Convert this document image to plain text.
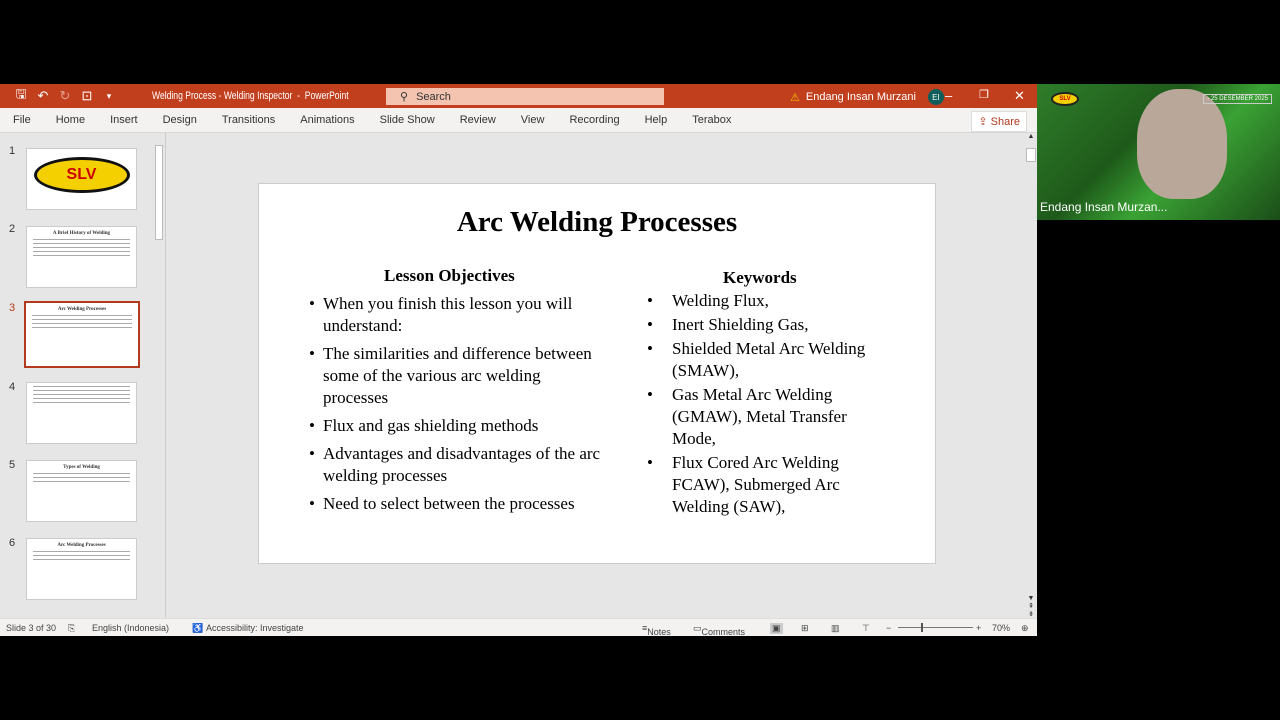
🖫 ↶ ↻ ⊡	▾	Welding Process - Welding Inspector  -  PowerPoint	⚲ Search	⚠ Endang Insan Murzani	EI – ❐ ✕
File	Home	Insert	Design	Transitions	Animations	Slide Show	Review	View	Recording	Help	Terabox	⇪ Share
1
SLV
2	A Brief History of Welding
3	Arc Welding Processes
4
5	Types of Welding
6	Arc Welding Processes
Arc Welding Processes
Lesson Objectives
• When you finish this lesson you will understand:
• The similarities and difference between some of the various arc welding processes
• Flux and gas shielding methods
• Advantages and disadvantages of the arc welding processes
• Need to select between the processes
Keywords
• Welding Flux,
• Inert Shielding Gas,
• Shielded Metal Arc Welding (SMAW),
• Gas Metal Arc Welding (GMAW), Metal Transfer Mode,
• Flux Cored Arc Welding FCAW), Submerged Arc Welding (SAW),
▲
▼
⇞
⇟
Slide 3 of 30 ⎘ English (Indonesia)	♿ Accessibility: Investigate	≡ Notes ▭ Comments	▣ ⊞ ▥ ⊤ −	+ 70% ⊕
SLV	- 25 DESEMBER 2025
Endang Insan Murzan...
